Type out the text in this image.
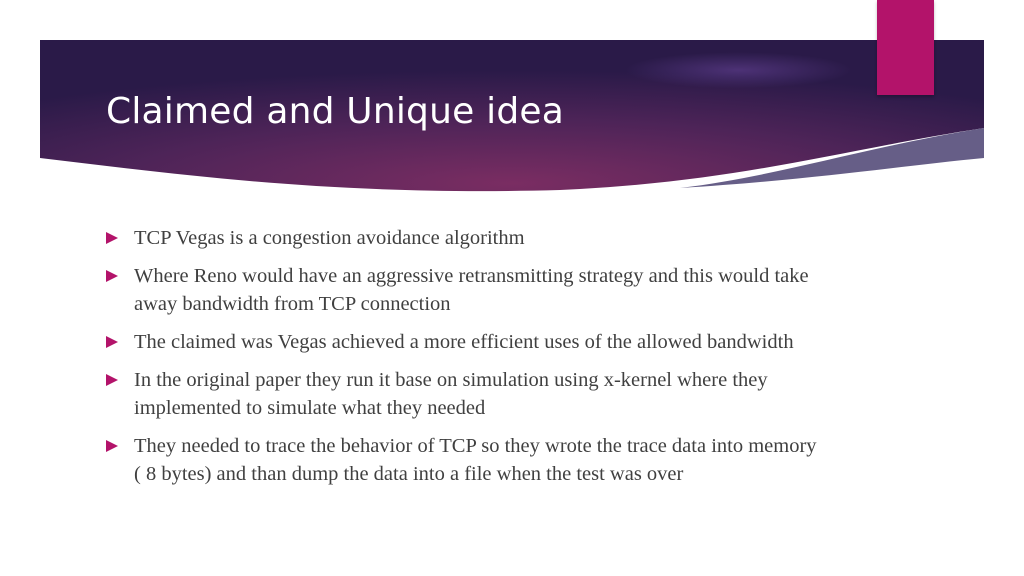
Claimed and Unique idea
TCP Vegas is a congestion avoidance algorithm
Where Reno would have an aggressive retransmitting strategy and this would take away bandwidth from TCP connection
The claimed was Vegas achieved a more efficient uses of the allowed bandwidth
In the original paper they run it base on simulation using x-kernel where they implemented to simulate what they needed
They needed to trace the behavior of TCP so they wrote the trace data into memory ( 8 bytes) and than dump the data into a file when the test was over
